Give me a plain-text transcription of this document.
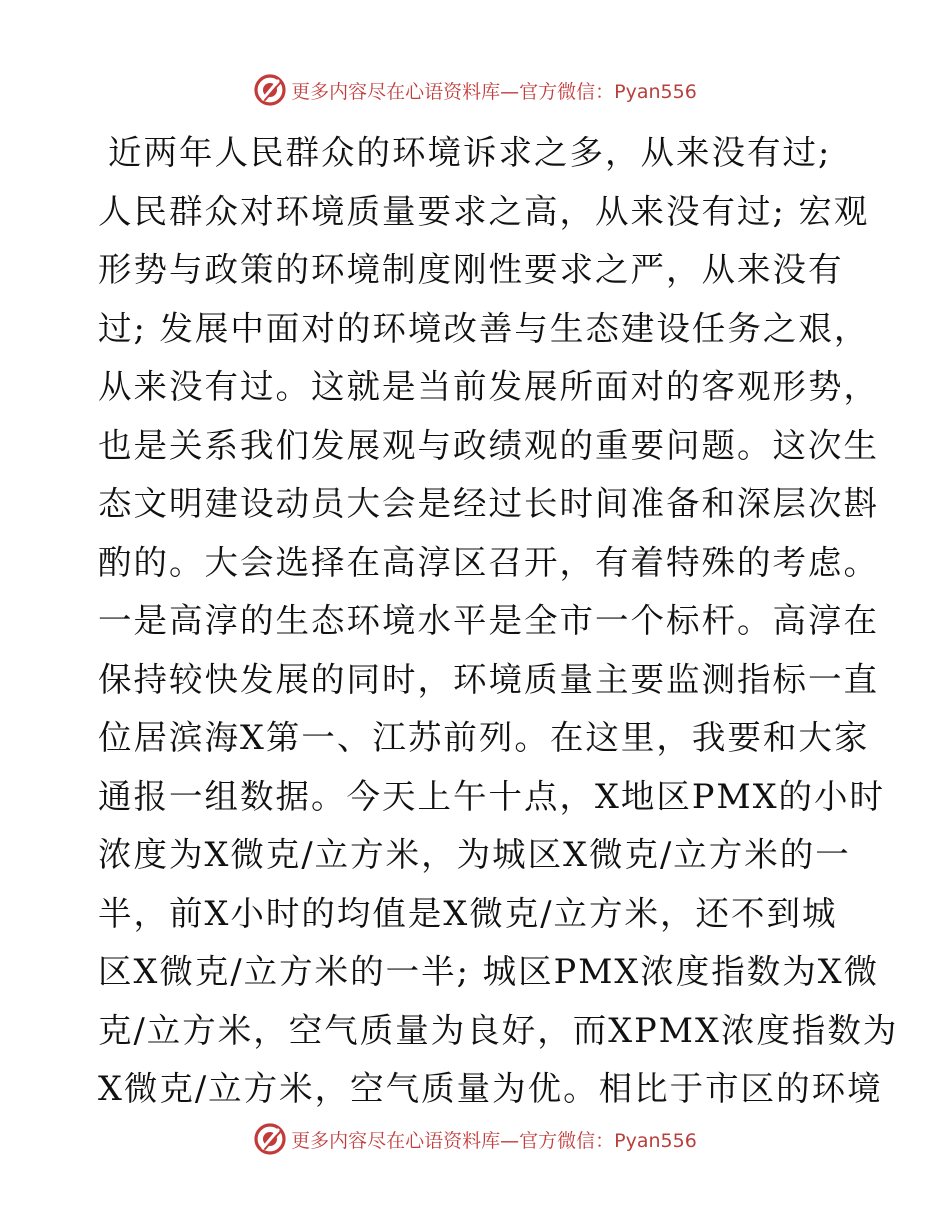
更多内容尽在心语资料库—官方微信：Pyan556
近两年人民群众的环境诉求之多，从来没有过;
人民群众对环境质量要求之高，从来没有过; 宏观
形势与政策的环境制度刚性要求之严，从来没有
过; 发展中面对的环境改善与生态建设任务之艰，
从来没有过。这就是当前发展所面对的客观形势，
也是关系我们发展观与政绩观的重要问题。这次生
态文明建设动员大会是经过长时间准备和深层次斟
酌的。大会选择在高淳区召开，有着特殊的考虑。
一是高淳的生态环境水平是全市一个标杆。高淳在
保持较快发展的同时，环境质量主要监测指标一直
位居滨海X第一、江苏前列。在这里，我要和大家
通报一组数据。今天上午十点，X地区PMX的小时
浓度为X微克/立方米，为城区X微克/立方米的一
半，前X小时的均值是X微克/立方米，还不到城
区X微克/立方米的一半; 城区PMX浓度指数为X微
克/立方米，空气质量为良好，而XPMX浓度指数为
X微克/立方米，空气质量为优。相比于市区的环境
更多内容尽在心语资料库—官方微信：Pyan556
